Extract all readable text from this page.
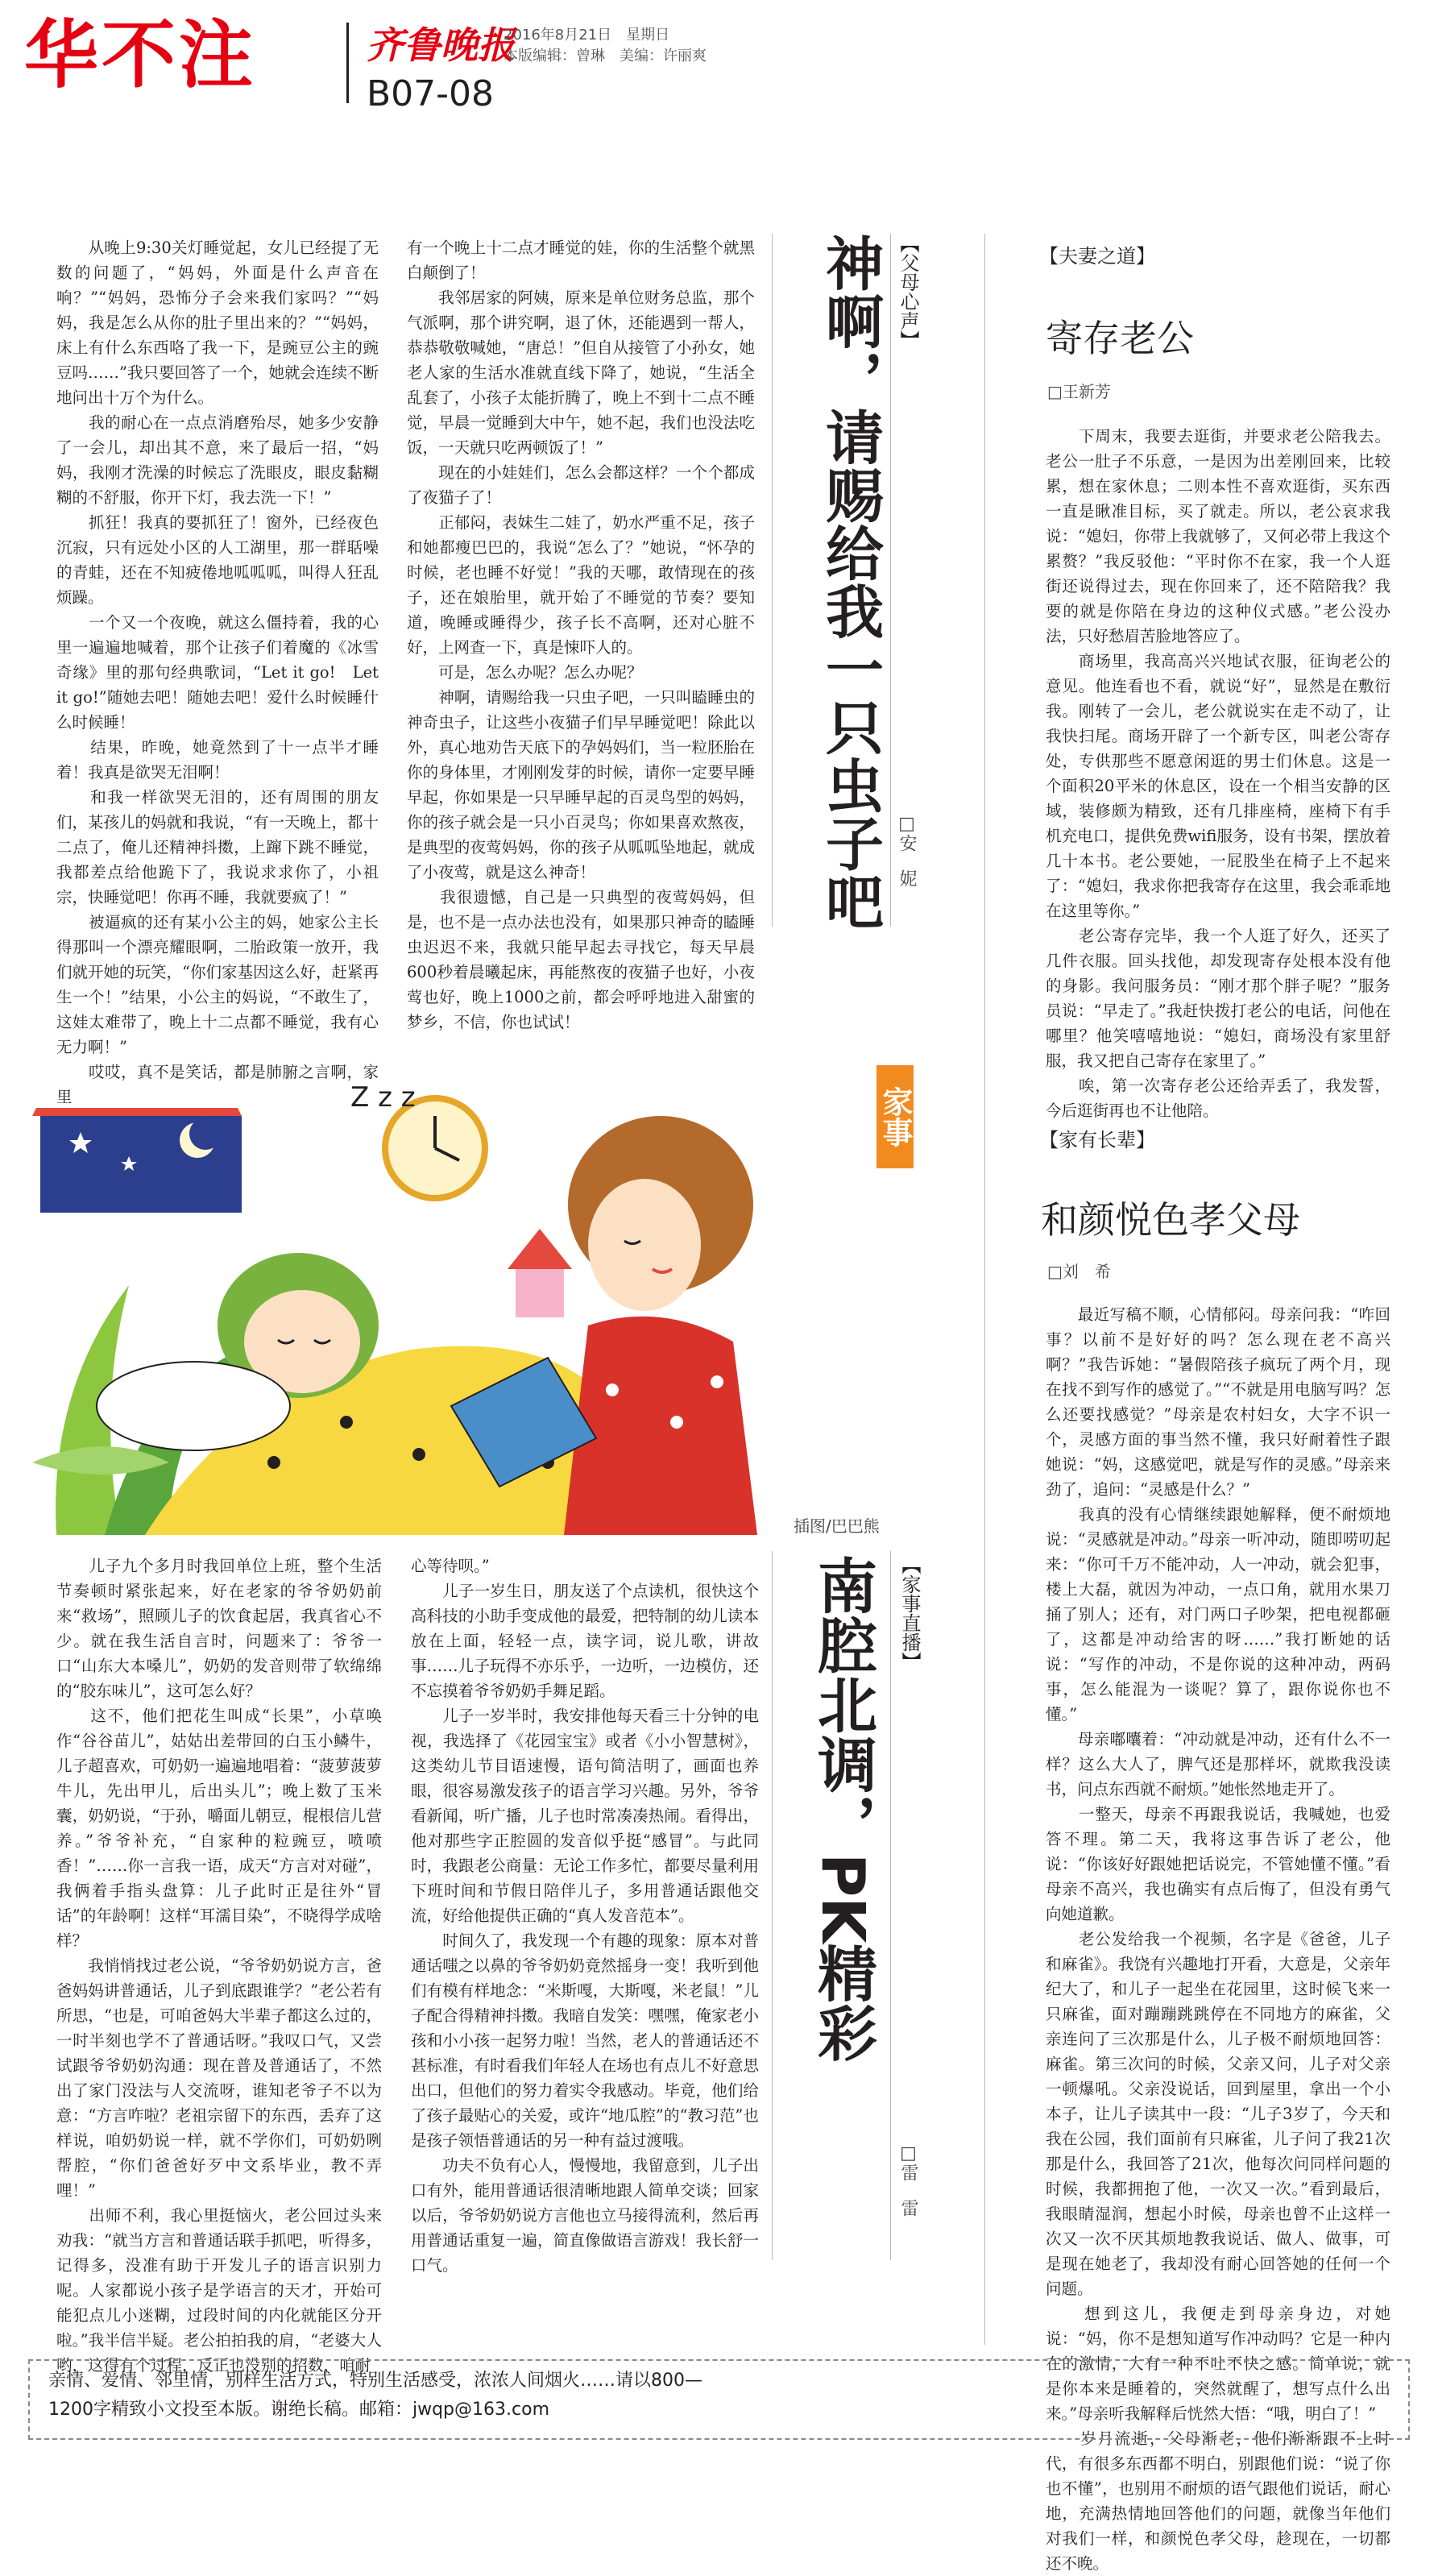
华不注	齐鲁晚报
2016年8月21日　星期日
本版编辑：曾琳　美编：许丽爽
B07-08
　　从晚上9:30关灯睡觉起，女儿已经提了无数的问题了，“妈妈，外面是什么声音在响？”“妈妈，恐怖分子会来我们家吗？”“妈妈，我是怎么从你的肚子里出来的？”“妈妈，床上有什么东西咯了我一下，是豌豆公主的豌豆吗……”我只要回答了一个，她就会连续不断地问出十万个为什么。
　　我的耐心在一点点消磨殆尽，她多少安静了一会儿，却出其不意，来了最后一招，“妈妈，我刚才洗澡的时候忘了洗眼皮，眼皮黏糊糊的不舒服，你开下灯，我去洗一下！”
　　抓狂！我真的要抓狂了！窗外，已经夜色沉寂，只有远处小区的人工湖里，那一群聒噪的青蛙，还在不知疲倦地呱呱呱，叫得人狂乱烦躁。
　　一个又一个夜晚，就这么僵持着，我的心里一遍遍地喊着，那个让孩子们着魔的《冰雪奇缘》里的那句经典歌词，“Let it go!　Let it go!”随她去吧！随她去吧！爱什么时候睡什么时候睡！
　　结果，昨晚，她竟然到了十一点半才睡着！我真是欲哭无泪啊！
　　和我一样欲哭无泪的，还有周围的朋友们，某孩儿的妈就和我说，“有一天晚上，都十二点了，俺儿还精神抖擞，上蹿下跳不睡觉，我都差点给他跪下了，我说求求你了，小祖宗，快睡觉吧！你再不睡，我就要疯了！”
　　被逼疯的还有某小公主的妈，她家公主长得那叫一个漂亮耀眼啊，二胎政策一放开，我们就开她的玩笑，“你们家基因这么好，赶紧再生一个！”结果，小公主的妈说，“不敢生了，这娃太难带了，晚上十二点都不睡觉，我有心无力啊！”
　　哎哎，真不是笑话，都是肺腑之言啊，家里
有一个晚上十二点才睡觉的娃，你的生活整个就黑白颠倒了！
　　我邻居家的阿姨，原来是单位财务总监，那个气派啊，那个讲究啊，退了休，还能遇到一帮人，恭恭敬敬喊她，“唐总！”但自从接管了小孙女，她老人家的生活水准就直线下降了，她说，“生活全乱套了，小孩子太能折腾了，晚上不到十二点不睡觉，早晨一觉睡到大中午，她不起，我们也没法吃饭，一天就只吃两顿饭了！”
　　现在的小娃娃们，怎么会都这样？一个个都成了夜猫子了！
　　正郁闷，表妹生二娃了，奶水严重不足，孩子和她都瘦巴巴的，我说“怎么了？”她说，“怀孕的时候，老也睡不好觉！”我的天哪，敢情现在的孩子，还在娘胎里，就开始了不睡觉的节奏？要知道，晚睡或睡得少，孩子长不高啊，还对心脏不好，上网查一下，真是悚吓人的。
　　可是，怎么办呢？怎么办呢？
　　神啊，请赐给我一只虫子吧，一只叫瞌睡虫的神奇虫子，让这些小夜猫子们早早睡觉吧！除此以外，真心地劝告天底下的孕妈妈们，当一粒胚胎在你的身体里，才刚刚发芽的时候，请你一定要早睡早起，你如果是一只早睡早起的百灵鸟型的妈妈，你的孩子就会是一只小百灵鸟；你如果喜欢熬夜，是典型的夜莺妈妈，你的孩子从呱呱坠地起，就成了小夜莺，就是这么神奇！
　　我很遗憾，自己是一只典型的夜莺妈妈，但是，也不是一点办法也没有，如果那只神奇的瞌睡虫迟迟不来，我就只能早起去寻找它，每天早晨600秒着晨曦起床，再能熬夜的夜猫子也好，小夜莺也好，晚上1000之前，都会呼呼地进入甜蜜的梦乡，不信，你也试试！
神啊，请赐给我一只虫子吧 【父母心声】
□安　妮
家事
Z z z
插图/巴巴熊
　　儿子九个多月时我回单位上班，整个生活节奏顿时紧张起来，好在老家的爷爷奶奶前来“救场”，照顾儿子的饮食起居，我真省心不少。就在我生活自言时，问题来了：爷爷一口“山东大本嗓儿”，奶奶的发音则带了软绵绵的“胶东味儿”，这可怎么好？
　　这不，他们把花生叫成“长果”，小草唤作“谷谷苗儿”，姑姑出差带回的白玉小鳞牛，儿子超喜欢，可奶奶一遍遍地唱着：“菠萝菠萝牛儿，先出甲儿，后出头儿”；晚上数了玉米囊，奶奶说，“于孙，嚼面儿朝豆，棍根信儿营养。”爷爷补充，“自家种的粒豌豆，喷喷香！”……你一言我一语，成天“方言对对碰”，我俩着手指头盘算：儿子此时正是往外“冒话”的年龄啊！这样“耳濡目染”，不晓得学成啥样？
　　我悄悄找过老公说，“爷爷奶奶说方言，爸爸妈妈讲普通话，儿子到底跟谁学？”老公若有所思，“也是，可咱爸妈大半辈子都这么过的，一时半刻也学不了普通话呀。”我叹口气，又尝试跟爷爷奶奶沟通：现在普及普通话了，不然出了家门没法与人交流呀，谁知老爷子不以为意：“方言咋啦？老祖宗留下的东西，丢弃了这样说，咱奶奶说一样，就不学你们，可奶奶咧帮腔，“你们爸爸好歹中文系毕业，教不弄哩！”
　　出师不利，我心里挺恼火，老公回过头来劝我：“就当方言和普通话联手抓吧，听得多，记得多，没准有助于开发儿子的语言识别力呢。人家都说小孩子是学语言的天才，开始可能犯点儿小迷糊，过段时间的内化就能区分开啦。”我半信半疑。老公拍拍我的肩，“老婆大人哟，这得有个过程，反正也没别的招数，咱耐
心等待呗。”
　　儿子一岁生日，朋友送了个点读机，很快这个高科技的小助手变成他的最爱，把特制的幼儿读本放在上面，轻轻一点，读字词，说儿歌，讲故事……儿子玩得不亦乐乎，一边听，一边模仿，还不忘摸着爷爷奶奶手舞足蹈。
　　儿子一岁半时，我安排他每天看三十分钟的电视，我选择了《花园宝宝》或者《小小智慧树》，这类幼儿节目语速慢，语句简洁明了，画面也养眼，很容易激发孩子的语言学习兴趣。另外，爷爷看新闻，听广播，儿子也时常凑凑热闹。看得出，他对那些字正腔圆的发音似乎挺“感冒”。与此同时，我跟老公商量：无论工作多忙，都要尽量利用下班时间和节假日陪伴儿子，多用普通话跟他交流，好给他提供正确的“真人发音范本”。
　　时间久了，我发现一个有趣的现象：原本对普通话嗤之以鼻的爷爷奶奶竟然摇身一变！我听到他们有模有样地念：“米斯嘎，大斯嘎，米老鼠！”儿子配合得精神抖擞。我暗自发笑：嘿嘿，俺家老小孩和小小孩一起努力啦！当然，老人的普通话还不甚标准，有时看我们年轻人在场也有点儿不好意思出口，但他们的努力着实令我感动。毕竟，他们给了孩子最贴心的关爱，或许“地瓜腔”的“教习范”也是孩子领悟普通话的另一种有益过渡哦。
　　功夫不负有心人，慢慢地，我留意到，儿子出口有外，能用普通话很清晰地跟人简单交谈；回家以后，爷爷奶奶说方言他也立马接得流利，然后再用普通话重复一遍，简直像做语言游戏！我长舒一口气。
南腔北调，PK精彩 【家事直播】
□雷　雷
【夫妻之道】
寄存老公
□王新芳
　　下周末，我要去逛街，并要求老公陪我去。老公一肚子不乐意，一是因为出差刚回来，比较累，想在家休息；二则本性不喜欢逛街，买东西一直是瞅准目标，买了就走。所以，老公哀求我说：“媳妇，你带上我就够了，又何必带上我这个累赘？”我反驳他：“平时你不在家，我一个人逛街还说得过去，现在你回来了，还不陪陪我？我要的就是你陪在身边的这种仪式感。”老公没办法，只好愁眉苦脸地答应了。
　　商场里，我高高兴兴地试衣服，征询老公的意见。他连看也不看，就说“好”，显然是在敷衍我。刚转了一会儿，老公就说实在走不动了，让我快扫尾。商场开辟了一个新专区，叫老公寄存处，专供那些不愿意闲逛的男士们休息。这是一个面积20平米的休息区，设在一个相当安静的区域，装修颇为精致，还有几排座椅，座椅下有手机充电口，提供免费wifi服务，设有书架，摆放着几十本书。老公要她，一屁股坐在椅子上不起来了：“媳妇，我求你把我寄存在这里，我会乖乖地在这里等你。”
　　老公寄存完毕，我一个人逛了好久，还买了几件衣服。回头找他，却发现寄存处根本没有他的身影。我问服务员：“刚才那个胖子呢？”服务员说：“早走了。”我赶快拨打老公的电话，问他在哪里？他笑嘻嘻地说：“媳妇，商场没有家里舒服，我又把自己寄存在家里了。”
　　唉，第一次寄存老公还给弄丢了，我发誓，今后逛街再也不让他陪。
【家有长辈】
和颜悦色孝父母
□刘　希
　　最近写稿不顺，心情郁闷。母亲问我：“咋回事？以前不是好好的吗？怎么现在老不高兴啊？”我告诉她：“暑假陪孩子疯玩了两个月，现在找不到写作的感觉了。”“不就是用电脑写吗？怎么还要找感觉？”母亲是农村妇女，大字不识一个，灵感方面的事当然不懂，我只好耐着性子跟她说：“妈，这感觉吧，就是写作的灵感。”母亲来劲了，追问：“灵感是什么？”
　　我真的没有心情继续跟她解释，便不耐烦地说：“灵感就是冲动。”母亲一听冲动，随即唠叨起来：“你可千万不能冲动，人一冲动，就会犯事，楼上大磊，就因为冲动，一点口角，就用水果刀捅了别人；还有，对门两口子吵架，把电视都砸了，这都是冲动给害的呀……”我打断她的话说：“写作的冲动，不是你说的这种冲动，两码事，怎么能混为一谈呢？算了，跟你说你也不懂。”
　　母亲嘟囔着：“冲动就是冲动，还有什么不一样？这么大人了，脾气还是那样坏，就欺我没读书，问点东西就不耐烦。”她怅然地走开了。
　　一整天，母亲不再跟我说话，我喊她，也爱答不理。第二天，我将这事告诉了老公，他说：“你该好好跟她把话说完，不管她懂不懂。”看母亲不高兴，我也确实有点后悔了，但没有勇气向她道歉。
　　老公发给我一个视频，名字是《爸爸，儿子和麻雀》。我饶有兴趣地打开看，大意是，父亲年纪大了，和儿子一起坐在花园里，这时候飞来一只麻雀，面对蹦蹦跳跳停在不同地方的麻雀，父亲连问了三次那是什么，儿子极不耐烦地回答：麻雀。第三次问的时候，父亲又问，儿子对父亲一顿爆吼。父亲没说话，回到屋里，拿出一个小本子，让儿子读其中一段：“儿子3岁了，今天和我在公园，我们面前有只麻雀，儿子问了我21次那是什么，我回答了21次，他每次问同样问题的时候，我都拥抱了他，一次又一次。”看到最后，我眼睛湿润，想起小时候，母亲也曾不止这样一次又一次不厌其烦地教我说话、做人、做事，可是现在她老了，我却没有耐心回答她的任何一个问题。
　　想到这儿，我便走到母亲身边，对她说：“妈，你不是想知道写作冲动吗？它是一种内在的激情，大有一种不吐不快之感。简单说，就是你本来是睡着的，突然就醒了，想写点什么出来。”母亲听我解释后恍然大悟：“哦，明白了！”
　　岁月流逝，父母渐老，他们渐渐跟不上时代，有很多东西都不明白，别跟他们说：“说了你也不懂”，也别用不耐烦的语气跟他们说话，耐心地，充满热情地回答他们的问题，就像当年他们对我们一样，和颜悦色孝父母，趁现在，一切都还不晚。
亲情、爱情、邻里情，别样生活方式，特别生活感受，浓浓人间烟火……请以800—
1200字精致小文投至本版。谢绝长稿。邮箱：jwqp@163.com
